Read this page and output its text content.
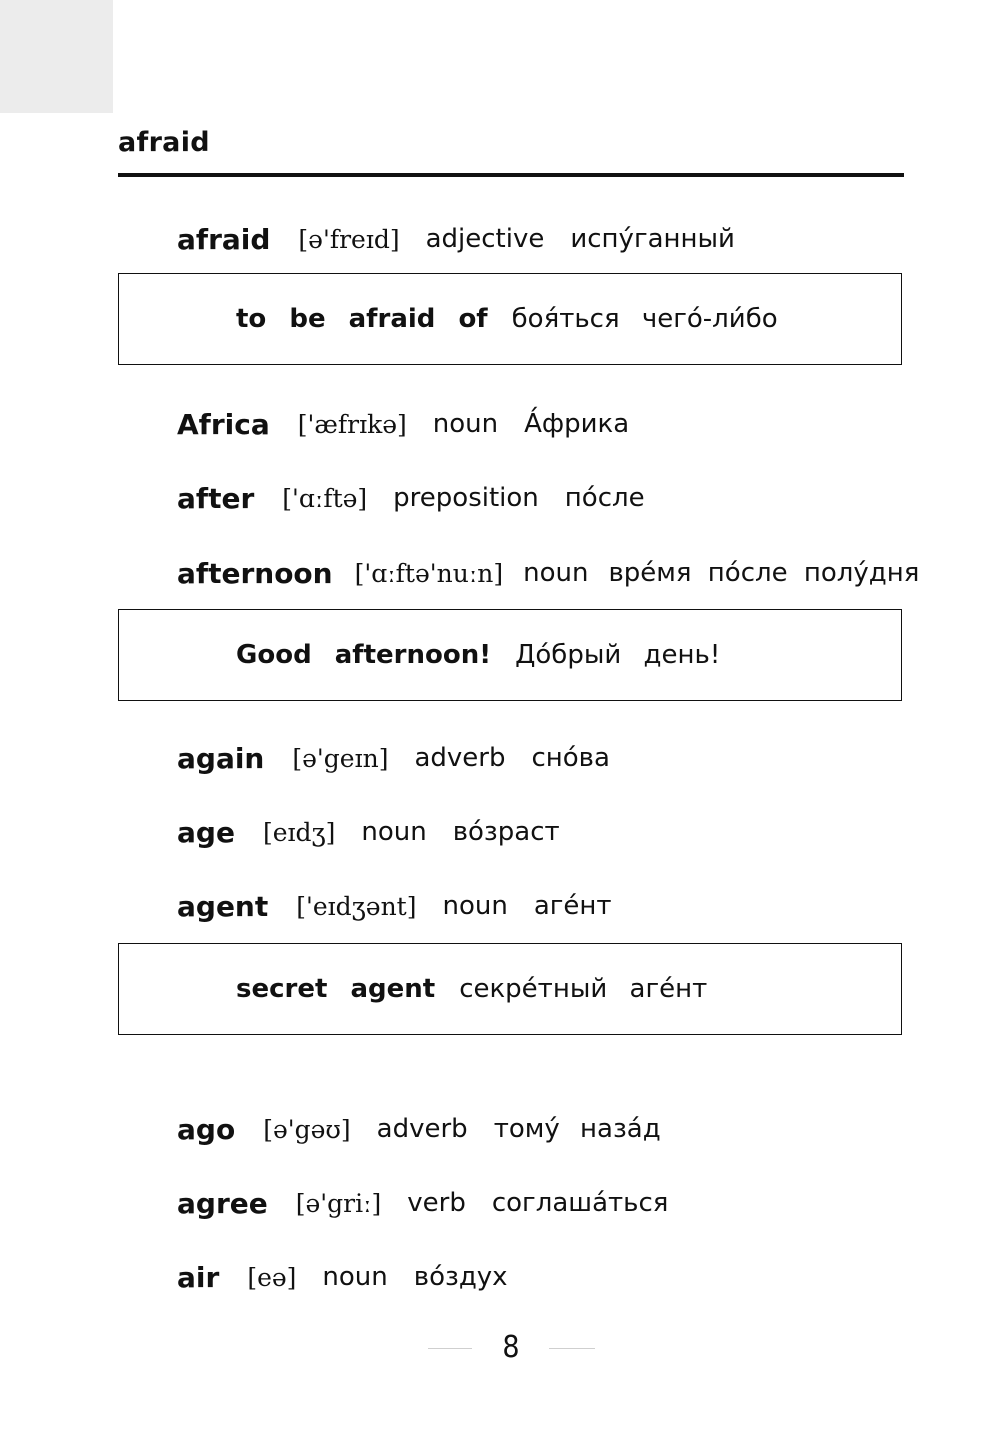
afraid
afraid [ə'freɪd] adjective испу́ганный
to be afraid of боя́ться чего́-ли́бо
Africa ['æfrɪkə] noun А́фрика
after ['ɑːftə] preposition по́сле
afternoon ['ɑːftə'nuːn] noun вре́мя по́сле полу́дня
Good afternoon! До́брый день!
again [ə'geɪn] adverb сно́ва
age [eɪdʒ] noun во́зраст
agent ['eɪdʒənt] noun аге́нт
secret agent секре́тный аге́нт
ago [ə'gəʊ] adverb тому́ наза́д
agree [ə'griː] verb соглаша́ться
air [eə] noun во́здух
8
